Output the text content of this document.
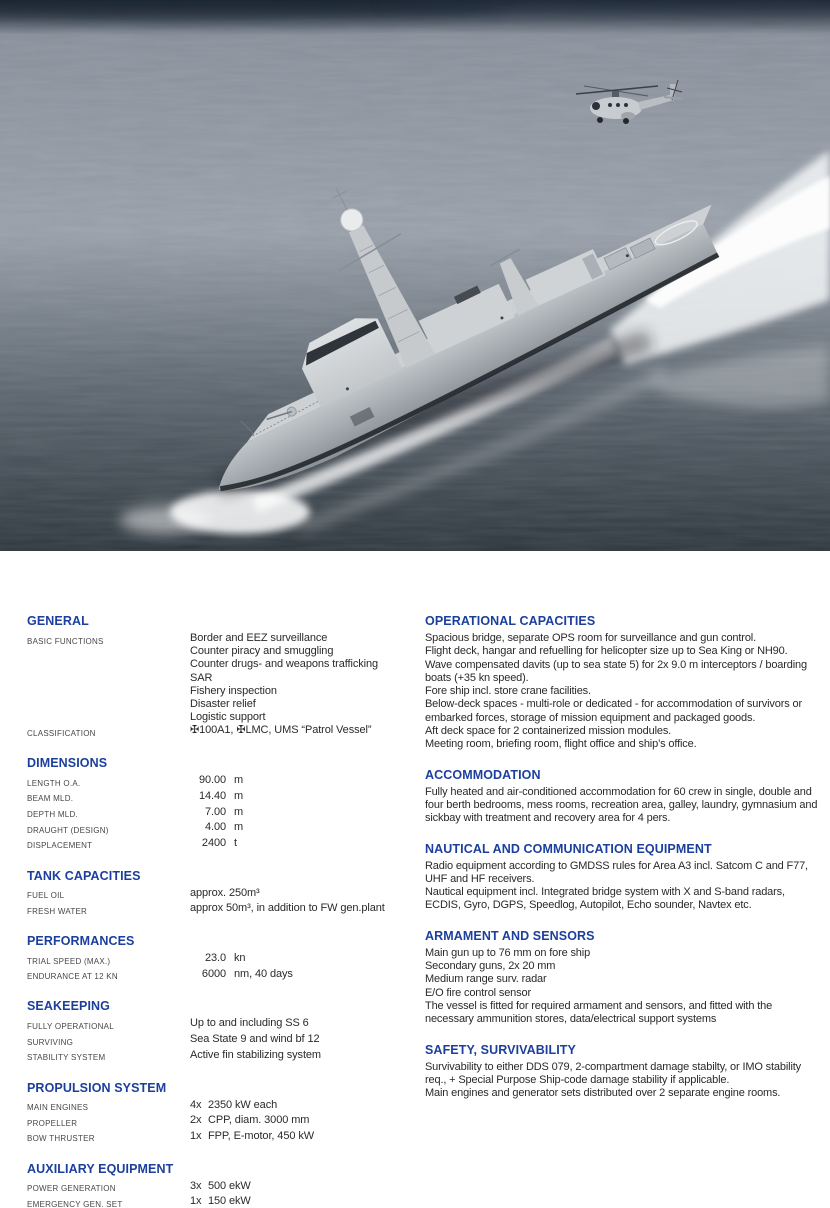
GENERAL
BASIC FUNCTIONS	Border and EEZ surveillance
Counter piracy and smuggling
Counter drugs- and weapons trafficking
SAR
Fishery inspection
Disaster relief
Logistic support
CLASSIFICATION	✠100A1, ✠LMC, UMS “Patrol Vessel”
DIMENSIONS
LENGTH O.A.	90.00 m
BEAM MLD.	14.40 m
DEPTH MLD.	7.00 m
DRAUGHT (DESIGN)	4.00 m
DISPLACEMENT	2400 t
TANK CAPACITIES
FUEL OIL	approx. 250m³
FRESH WATER	approx 50m³, in addition to FW gen.plant
PERFORMANCES
TRIAL SPEED (MAX.)	23.0 kn
ENDURANCE AT 12 KN	6000 nm, 40 days
SEAKEEPING
FULLY OPERATIONAL	Up to and including SS 6
SURVIVING	Sea State 9 and wind bf 12
STABILITY SYSTEM	Active fin stabilizing system
PROPULSION SYSTEM
MAIN ENGINES	4x 2350 kW each
PROPELLER	2x CPP, diam. 3000 mm
BOW THRUSTER	1x FPP, E-motor, 450 kW
AUXILIARY EQUIPMENT
POWER GENERATION	3x 500 ekW
EMERGENCY GEN. SET	1x 150 ekW
OPERATIONAL CAPACITIES

Spacious bridge, separate OPS room for surveillance and gun control.

Flight deck, hangar and refuelling for helicopter size up to Sea King or NH90.

Wave compensated davits (up to sea state 5) for 2x 9.0 m interceptors / boarding boats (+35 kn speed).

Fore ship incl. store crane facilities.

Below-deck spaces - multi-role or dedicated - for accommodation of survivors or embarked forces, storage of mission equipment and packaged goods.

Aft deck space for 2 containerized mission modules.

Meeting room, briefing room, flight office and ship’s office.

ACCOMMODATION

Fully heated and air-conditioned accommodation for 60 crew in single, double and four berth bedrooms, mess rooms, recreation area, galley, laundry, gymnasium and sickbay with treatment and recovery area for 4 pers.

NAUTICAL AND COMMUNICATION EQUIPMENT

Radio equipment according to GMDSS rules for Area A3 incl. Satcom C and F77, UHF and HF receivers.

Nautical equipment incl. Integrated bridge system with X and S-band radars, ECDIS, Gyro, DGPS, Speedlog, Autopilot, Echo sounder, Navtex etc.

ARMAMENT AND SENSORS

Main gun up to 76 mm on fore ship

Secondary guns, 2x 20 mm

Medium range surv. radar

E/O fire control sensor

The vessel is fitted for required armament and sensors, and fitted with the necessary ammunition stores, data/electrical support systems

SAFETY, SURVIVABILITY

Survivability to either DDS 079, 2-compartment damage stabilty, or IMO stability req., + Special Purpose Ship-code damage stability if applicable.

Main engines and generator sets distributed over 2 separate engine rooms.
